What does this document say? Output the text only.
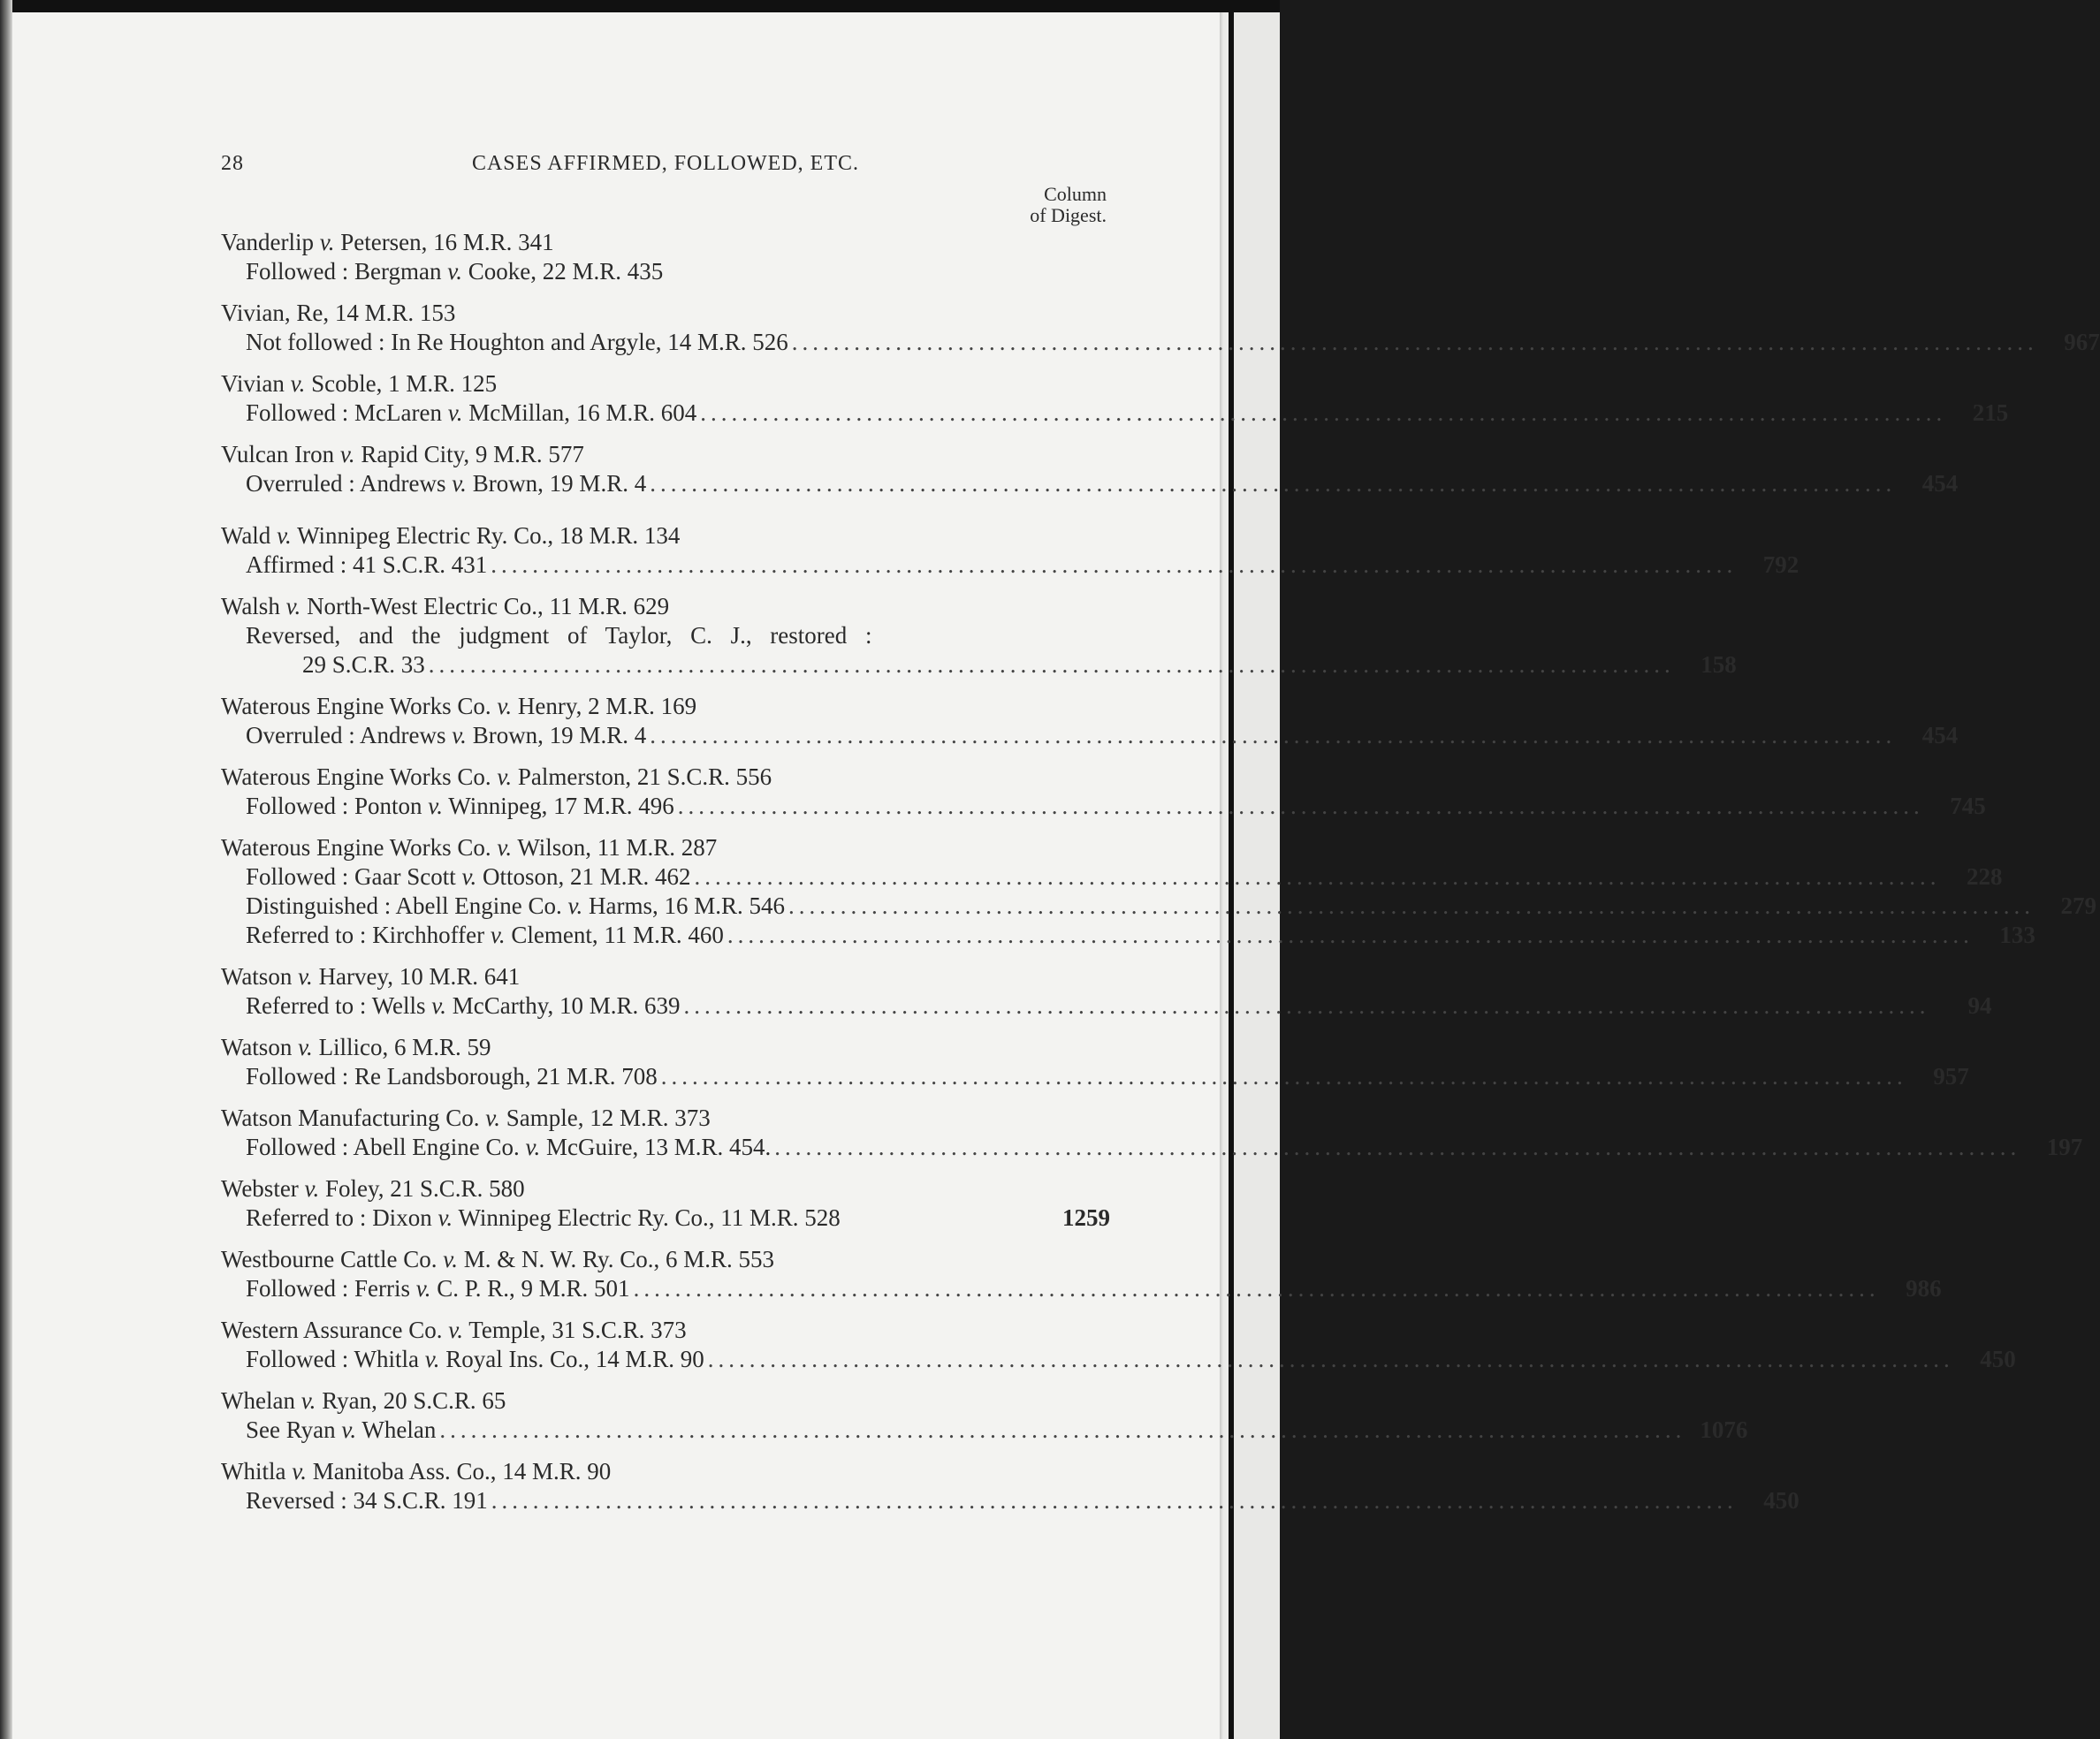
28	CASES AFFIRMED, FOLLOWED, ETC.
Column
of Digest.
Vanderlip v. Petersen, 16 M.R. 341
Followed : Bergman v. Cooke, 22 M.R. 435
Vivian, Re, 14 M.R. 153
Not followed : In Re Houghton and Argyle, 14 M.R. 526 ........................................................................................................................	967
Vivian v. Scoble, 1 M.R. 125
Followed : McLaren v. McMillan, 16 M.R. 604 ........................................................................................................................	215
Vulcan Iron v. Rapid City, 9 M.R. 577
Overruled : Andrews v. Brown, 19 M.R. 4 ........................................................................................................................	454
Wald v. Winnipeg Electric Ry. Co., 18 M.R. 134
Affirmed : 41 S.C.R. 431 ........................................................................................................................	792
Walsh v. North-West Electric Co., 11 M.R. 629
Reversed, and the judgment of Taylor, C. J., restored :
29 S.C.R. 33 ........................................................................................................................	158
Waterous Engine Works Co. v. Henry, 2 M.R. 169
Overruled : Andrews v. Brown, 19 M.R. 4 ........................................................................................................................	454
Waterous Engine Works Co. v. Palmerston, 21 S.C.R. 556
Followed : Ponton v. Winnipeg, 17 M.R. 496 ........................................................................................................................	745
Waterous Engine Works Co. v. Wilson, 11 M.R. 287
Followed : Gaar Scott v. Ottoson, 21 M.R. 462 ........................................................................................................................	228
Distinguished : Abell Engine Co. v. Harms, 16 M.R. 546 ........................................................................................................................	279
Referred to : Kirchhoffer v. Clement, 11 M.R. 460 ........................................................................................................................	133
Watson v. Harvey, 10 M.R. 641
Referred to : Wells v. McCarthy, 10 M.R. 639 ........................................................................................................................	94
Watson v. Lillico, 6 M.R. 59
Followed : Re Landsborough, 21 M.R. 708 ........................................................................................................................	957
Watson Manufacturing Co. v. Sample, 12 M.R. 373
Followed : Abell Engine Co. v. McGuire, 13 M.R. 454. ........................................................................................................................	197
Webster v. Foley, 21 S.C.R. 580
Referred to : Dixon v. Winnipeg Electric Ry. Co., 11 M.R. 528	1259
Westbourne Cattle Co. v. M. & N. W. Ry. Co., 6 M.R. 553
Followed : Ferris v. C. P. R., 9 M.R. 501 ........................................................................................................................	986
Western Assurance Co. v. Temple, 31 S.C.R. 373
Followed : Whitla v. Royal Ins. Co., 14 M.R. 90 ........................................................................................................................	450
Whelan v. Ryan, 20 S.C.R. 65
See Ryan v. Whelan ........................................................................................................................ 1076
Whitla v. Manitoba Ass. Co., 14 M.R. 90
Reversed : 34 S.C.R. 191 ........................................................................................................................	450
